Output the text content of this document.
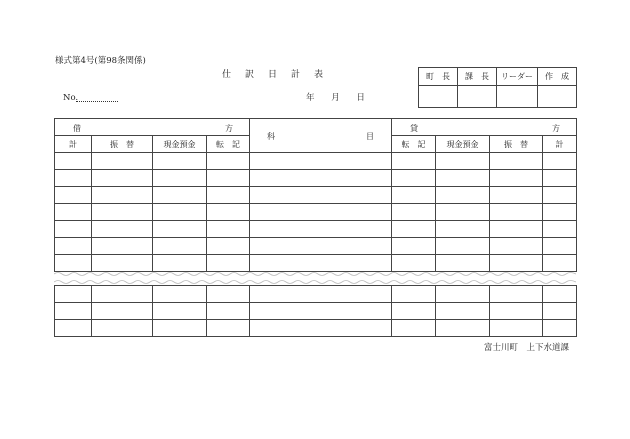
様式第4号(第98条関係)
仕訳日計表
No.	年 月 日
町　長	課　長	リーダー	作　成

借 方				科 目	貸 方			

計	振　替	現金預金	転　記		転　記	現金預金	振　替	計

富士川町　上下水道課
